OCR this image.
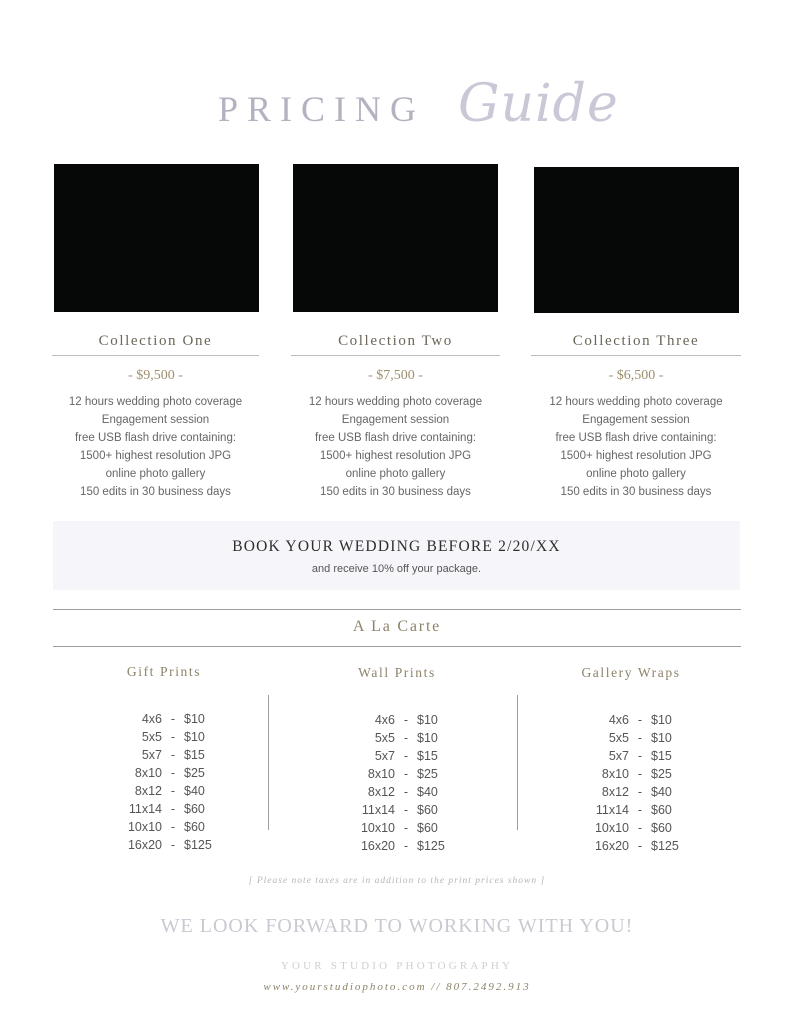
PRICING Guide
Collection One
- $9,500 -
12 hours wedding photo coverage
Engagement session
free USB flash drive containing:
1500+ highest resolution JPG
online photo gallery
150 edits in 30 business days
Collection Two
- $7,500 -
12 hours wedding photo coverage
Engagement session
free USB flash drive containing:
1500+ highest resolution JPG
online photo gallery
150 edits in 30 business days
Collection Three
- $6,500 -
12 hours wedding photo coverage
Engagement session
free USB flash drive containing:
1500+ highest resolution JPG
online photo gallery
150 edits in 30 business days
BOOK YOUR WEDDING BEFORE 2/20/XX
and receive 10% off your package.
A La Carte
Gift Prints
4x6 - $10
5x5 - $10
5x7 - $15
8x10 - $25
8x12 - $40
11x14 - $60
10x10 - $60
16x20 - $125
Wall Prints
4x6 - $10
5x5 - $10
5x7 - $15
8x10 - $25
8x12 - $40
11x14 - $60
10x10 - $60
16x20 - $125
Gallery Wraps
4x6 - $10
5x5 - $10
5x7 - $15
8x10 - $25
8x12 - $40
11x14 - $60
10x10 - $60
16x20 - $125
[ Please note taxes are in addition to the print prices shown ]
WE LOOK FORWARD TO WORKING WITH YOU!
YOUR STUDIO PHOTOGRAPHY
www.yourstudiophoto.com // 807.2492.913
